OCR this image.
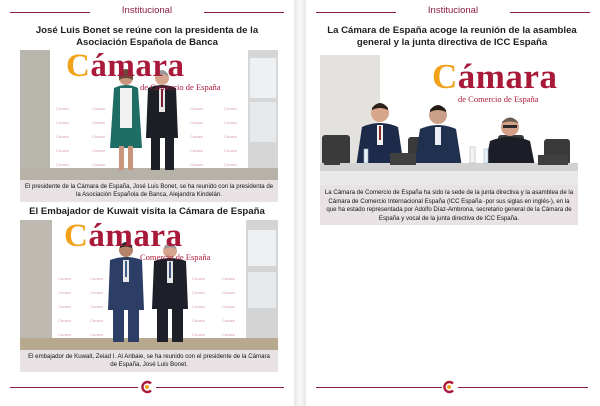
Institucional
José Luis Bonet se reúne con la presidenta de la Asociación Española de Banca
Cámara	Cámara	Cámara	Cámara
Cámara	Cámara	Cámara	Cámara
Cámara	Cámara	Cámara	Cámara
Cámara	Cámara	Cámara	Cámara
Cámara	Cámara	Cámara	Cámara
Cámara
de Comercio de España
El presidente de la Cámara de España, José Luis Bonet, se ha reunido con la presidenta de la Asociación Española de Banca, Alejandra Kindelán.
El Embajador de Kuwait visita la Cámara de España
Cámara	Cámara	Cámara	Cámara
Cámara	Cámara	Cámara	Cámara
Cámara	Cámara	Cámara	Cámara
Cámara	Cámara	Cámara	Cámara
Cámara	Cámara	Cámara	Cámara
Cámara
Comercio de España
El embajador de Kuwait, Zeiad I. Al Anbaie, se ha reunido con el presidente de la Cámara de España, José Luis Bonet.
Institucional
La Cámara de España acoge la reunión de la asamblea general y la junta directiva de ICC España
Cámara
de Comercio de España
La Cámara de Comercio de España ha sido la sede de la junta directiva y la asamblea de la Cámara de Comercio Internacional España (ICC España -por sus siglas en inglés-), en la que ha estado representada por Adolfo Díaz-Ambrona, secretario general de la Cámara de España y vocal de la junta directiva de ICC España.
